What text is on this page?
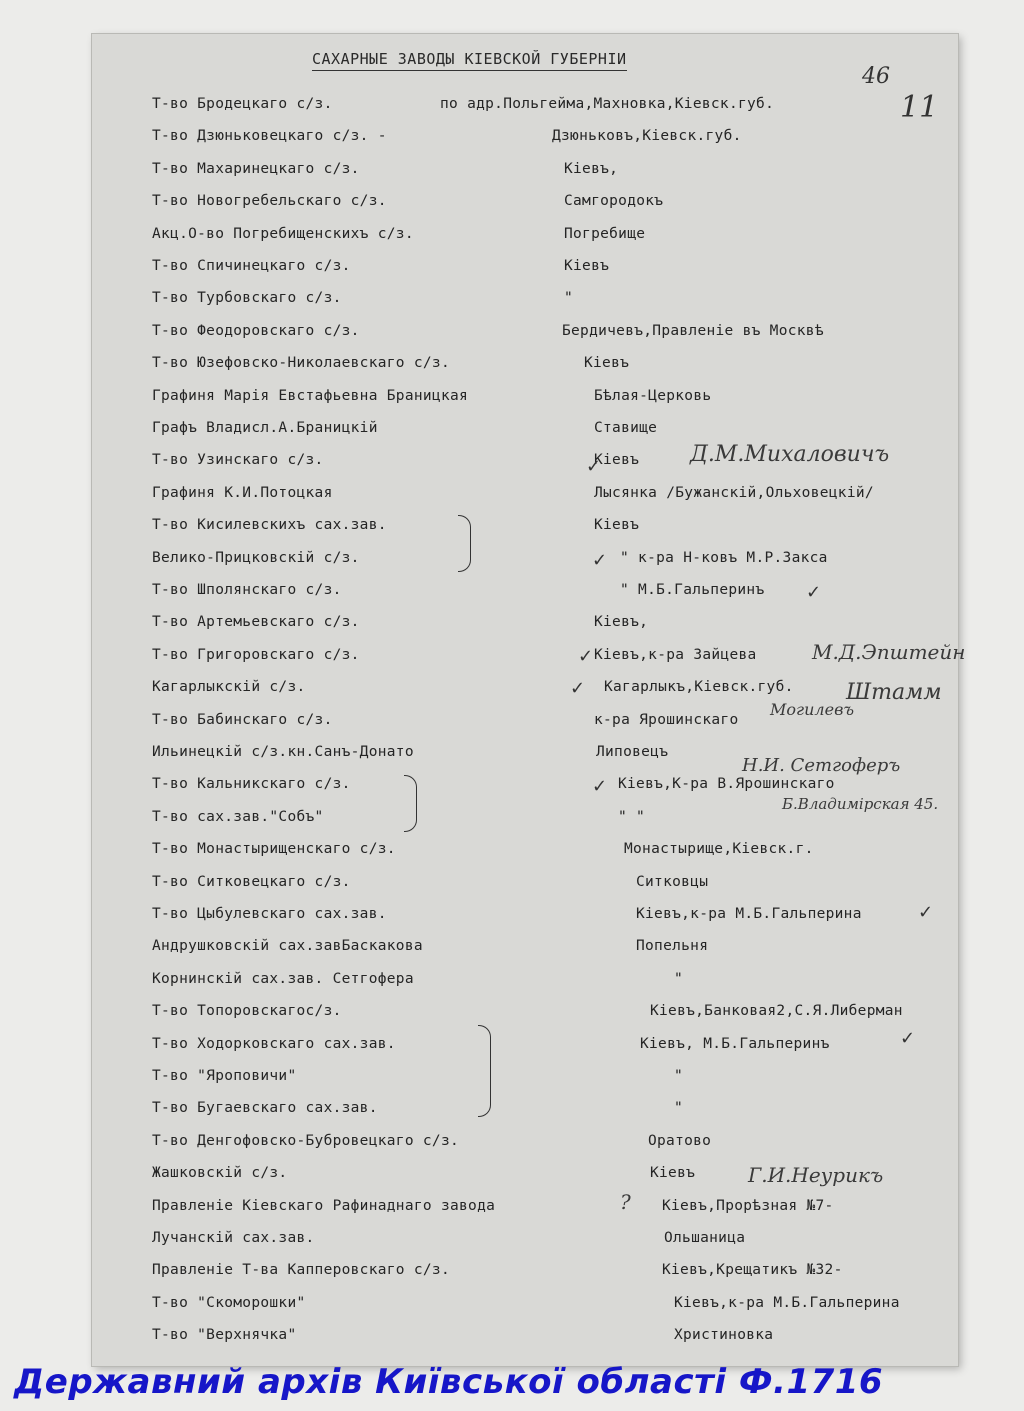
САХАРНЫЕ ЗАВОДЫ КІЕВСКОЙ ГУБЕРНІИ
46
11
Т-во Бродецкаго с/з.	по адр.Польгейма,Махновка,Кіевск.губ.
Т-во Дзюньковецкаго с/з. -	Дзюньковъ,Кіевск.губ.
Т-во Махаринецкаго с/з.	Кіевъ,
Т-во Новогребельскаго с/з.	Самгородокъ
Акц.О-во Погребищенскихъ с/з.	Погребище
Т-во Спичинецкаго с/з.	Кіевъ
Т-во Турбовскаго с/з.	"
Т-во Феодоровскаго с/з.	Бердичевъ,Правленіе въ Москвѣ
Т-во Юзефовско-Николаевскаго с/з.	Кіевъ
Графиня Марія Евстафьевна Браницкая	Бѣлая-Церковь
Графъ Владисл.А.Браницкій	Ставище
Т-во Узинскаго с/з.	Кіевъ
Графиня К.И.Потоцкая	Лысянка /Бужанскій,Ольховецкій/
Т-во Кисилевскихъ сах.зав.	Кіевъ
Велико-Прицковскій с/з.	" к-ра Н-ковъ М.Р.Закса
Т-во Шполянскаго с/з.	" М.Б.Гальперинъ
Т-во Артемьевскаго с/з.	Кіевъ,
Т-во Григоровскаго с/з.	Кіевъ,к-ра Зайцева
Кагарлыкскій с/з.	Кагарлыкъ,Кіевск.губ.
Т-во Бабинскаго с/з.	к-ра Ярошинскаго
Ильинецкій с/з.кн.Санъ-Донато	Липовецъ
Т-во Кальникскаго с/з.	Кіевъ,К-ра В.Ярошинскаго
Т-во сах.зав."Собъ"	" "
Т-во Монастырищенскаго с/з.	Монастырище,Кіевск.г.
Т-во Ситковецкаго с/з.	Ситковцы
Т-во Цыбулевскаго сах.зав.	Кіевъ,к-ра М.Б.Гальперина
Андрушковскій сах.завБаскакова	Попельня
Корнинскій сах.зав. Сетгофера	"
Т-во Топоровскагос/з.	Кіевъ,Банковая2,С.Я.Либерман
Т-во Ходорковскаго сах.зав.	Кіевъ, М.Б.Гальперинъ
Т-во "Яроповичи"	"
Т-во Бугаевскаго сах.зав.	"
Т-во Денгофовско-Бубровецкаго с/з.	Оратово
Жашковскій с/з.	Кіевъ
Правленіе Кіевскаго Рафинаднаго завода	Кіевъ,Прорѣзная №7-
Лучанскій сах.зав.	Ольшаница
Правленіе Т-ва Капперовскаго с/з.	Кіевъ,Крещатикъ №32-
Т-во "Скоморошки"	Кіевъ,к-ра М.Б.Гальперина
Т-во "Верхнячка"	Христиновка
Д.М.Михаловичъ
М.Д.Эпштейн
Штамм
Могилевъ
Н.И. Сетгоферъ
Б.Владимірская 45.
Г.И.Неурикъ
?
✓
✓
✓
✓
✓
✓
✓
✓
Державний архів Київської області Ф.1716
